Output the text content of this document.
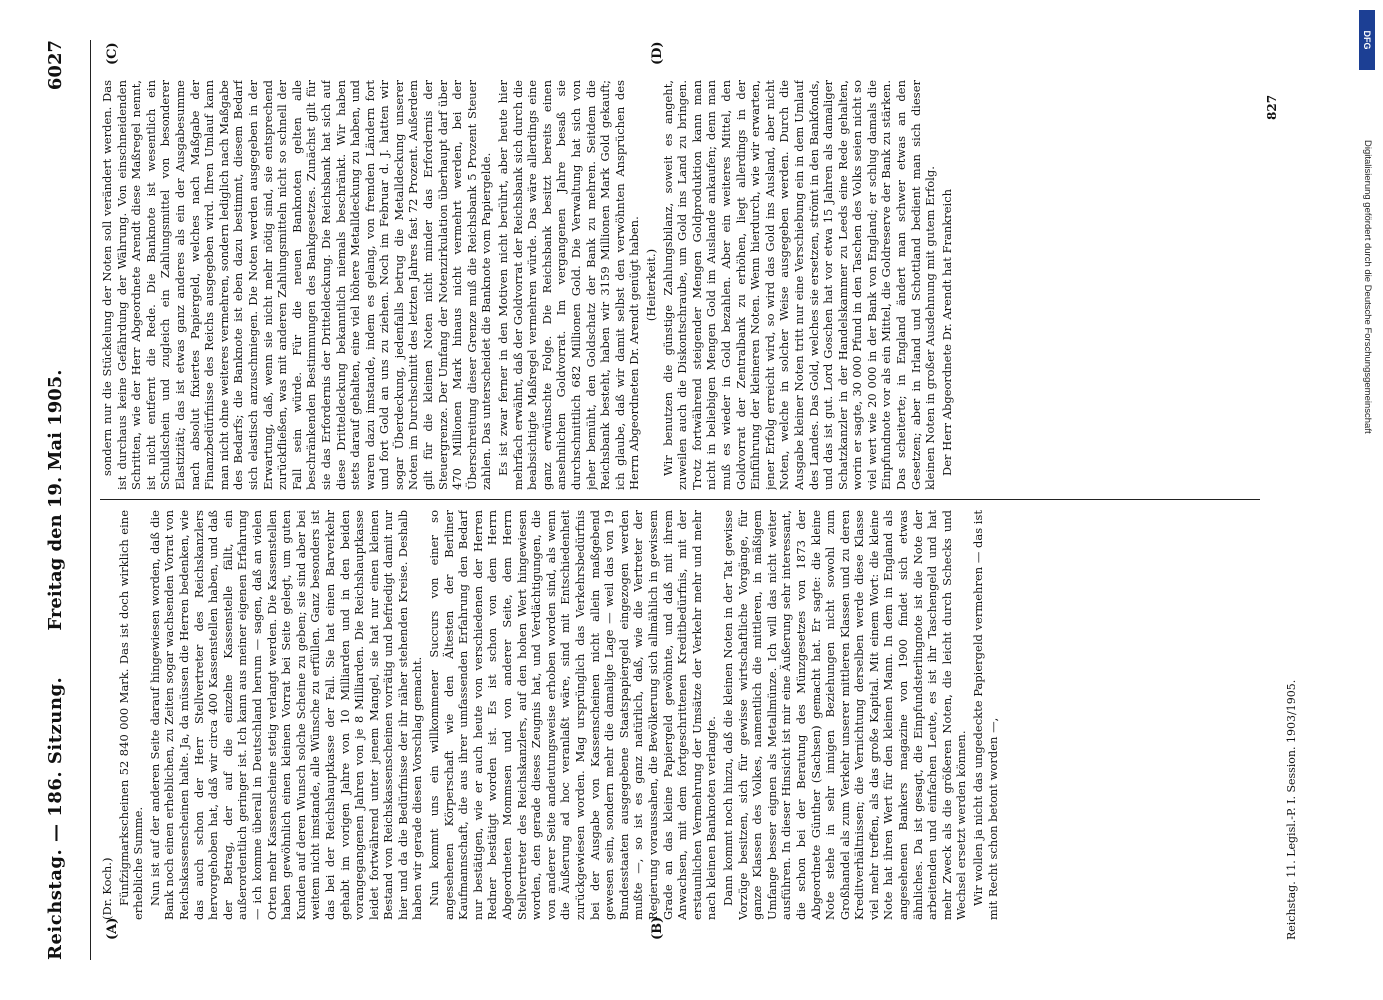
Reichstag. — 186. Sitzung.
Freitag den 19. Mai 1905.
6027
(A)	(B)
(C)	(D)

(Dr. Koch.) Fünfzigmarkscheinen 52 840 000 Mark. Das ist doch wirklich eine erhebliche Summe. Nun ist auf der anderen Seite darauf hingewiesen worden, daß die Bank noch einen erheblichen, zu Zeiten sogar wachsenden Vorrat von Reichskassenscheinen halte. Ja, da müssen die Herren bedenken, wie das auch schon der Herr Stellvertreter des Reichskanzlers hervorgehoben hat, daß wir circa 400 Kassenstellen haben, und daß der Betrag, der auf die einzelne Kassenstelle fällt, ein außerordentlich geringer ist. Ich kann aus meiner eigenen Erfahrung — ich komme überall in Deutschland herum — sagen, daß an vielen Orten mehr Kassenscheine stetig verlangt werden. Die Kassenstellen haben gewöhnlich einen kleinen Vorrat bei Seite gelegt, um guten Kunden auf deren Wunsch solche Scheine zu geben; sie sind aber bei weitem nicht imstande, alle Wünsche zu erfüllen. Ganz besonders ist das bei der Reichshauptkasse der Fall. Sie hat einen Barverkehr gehabt im vorigen Jahre von 10 Milliarden und in den beiden vorangegangenen Jahren von je 8 Milliarden. Die Reichshauptkasse leidet fortwährend unter jenem Mangel, sie hat nur einen kleinen Bestand von Reichskassenscheinen vorrätig und befriedigt damit nur hier und da die Bedürfnisse der ihr näher stehenden Kreise. Deshalb haben wir gerade diesen Vorschlag gemacht. Nun kommt uns ein willkommener Succurs von einer so angesehenen Körperschaft wie den Ältesten der Berliner Kaufmannschaft, die aus ihrer umfassenden Erfahrung den Bedarf nur bestätigen, wie er auch heute von verschiedenen der Herren Redner bestätigt worden ist. Es ist schon von dem Herrn Abgeordneten Mommsen und von anderer Seite, dem Herrn Stellvertreter des Reichskanzlers, auf den hohen Wert hingewiesen worden, den gerade dieses Zeugnis hat, und Verdächtigungen, die von anderer Seite andeutungsweise erhoben worden sind, als wenn die Äußerung ad hoc veranlaßt wäre, sind mit Entschiedenheit zurückgewiesen worden. Mag ursprünglich das Verkehrsbedürfnis bei der Ausgabe von Kassenscheinen nicht allein maßgebend gewesen sein, sondern mehr die damalige Lage — weil das von 19 Bundesstaaten ausgegebene Staatspapiergeld eingezogen werden mußte —, so ist es ganz natürlich, daß, wie die Vertreter der Regierung voraussahen, die Bevölkerung sich allmählich in gewissem Grade an das kleine Papiergeld gewöhnte, und daß mit ihrem Anwachsen, mit dem fortgeschrittenen Kreditbedürfnis, mit der erstaunlichen Vermehrung der Umsätze der Verkehr mehr und mehr nach kleinen Banknoten verlangte. Dann kommt noch hinzu, daß die kleinen Noten in der Tat gewisse Vorzüge besitzen, sich für gewisse wirtschaftliche Vorgänge, für ganze Klassen des Volkes, namentlich die mittleren, in mäßigem Umfange besser eignen als Metallmünze. Ich will das nicht weiter ausführen. In dieser Hinsicht ist mir eine Äußerung sehr interessant, die schon bei der Beratung des Münzgesetzes von 1873 der Abgeordnete Günther (Sachsen) gemacht hat. Er sagte: die kleine Note stehe in sehr innigen Beziehungen nicht sowohl zum Großhandel als zum Verkehr unserer mittleren Klassen und zu deren Kreditverhältnissen; die Vernichtung derselben werde diese Klasse viel mehr treffen, als das große Kapital. Mit einem Wort: die kleine Note hat ihren Wert für den kleinen Mann. In dem in England als angesehenen Bankers magazine von 1900 findet sich etwas ähnliches. Da ist gesagt, die Einpfundsterlingnote ist die Note der arbeitenden und einfachen Leute, es ist ihr Taschengeld und hat mehr Zweck als die größeren Noten, die leicht durch Schecks und Wechsel ersetzt werden können. Wir wollen ja nicht das ungedeckte Papiergeld vermehren — das ist mit Recht schon betont worden —,

sondern nur die Stückelung der Noten soll verändert werden. Das ist durchaus keine Gefährdung der Währung. Von einschneidenden Schritten, wie der Herr Abgeordnete Arendt diese Maßregel nennt, ist nicht entfernt die Rede. Die Banknote ist wesentlich ein Schuldschein und zugleich ein Zahlungsmittel von besonderer Elastizität; das ist etwas ganz anderes als ein der Ausgabesumme nach absolut fixiertes Papiergeld, welches nach Maßgabe der Finanzbedürfnisse des Reichs ausgegeben wird. Ihren Umlauf kann man nicht ohne weiteres vermehren, sondern lediglich nach Maßgabe des Bedarfs; die Banknote ist eben dazu bestimmt, diesem Bedarf sich elastisch anzuschmiegen. Die Noten werden ausgegeben in der Erwartung, daß, wenn sie nicht mehr nötig sind, sie entsprechend zurückfließen, was mit anderen Zahlungsmitteln nicht so schnell der Fall sein würde. Für die neuen Banknoten gelten alle beschränkenden Bestimmungen des Bankgesetzes. Zunächst gilt für sie das Erfordernis der Dritteldeckung. Die Reichsbank hat sich auf diese Dritteldeckung bekanntlich niemals beschränkt. Wir haben stets darauf gehalten, eine viel höhere Metalldeckung zu haben, und waren dazu imstande, indem es gelang, von fremden Ländern fort und fort Gold an uns zu ziehen. Noch im Februar d. J. hatten wir sogar Überdeckung, jedenfalls betrug die Metalldeckung unserer Noten im Durchschnitt des letzten Jahres fast 72 Prozent. Außerdem gilt für die kleinen Noten nicht minder das Erfordernis der Steuergrenze. Der Umfang der Notenzirkulation überhaupt darf über 470 Millionen Mark hinaus nicht vermehrt werden, bei der Überschreitung dieser Grenze muß die Reichsbank 5 Prozent Steuer zahlen. Das unterscheidet die Banknote vom Papiergelde. Es ist zwar ferner in den Motiven nicht berührt, aber heute hier mehrfach erwähnt, daß der Goldvorrat der Reichsbank sich durch die beabsichtigte Maßregel vermehren würde. Das wäre allerdings eine ganz erwünschte Folge. Die Reichsbank besitzt bereits einen ansehnlichen Goldvorrat. Im vergangenen Jahre besaß sie durchschnittlich 682 Millionen Gold. Die Verwaltung hat sich von jeher bemüht, den Goldschatz der Bank zu mehren. Seitdem die Reichsbank besteht, haben wir 3159 Millionen Mark Gold gekauft; ich glaube, daß wir damit selbst den verwöhnten Ansprüchen des Herrn Abgeordneten Dr. Arendt genügt haben. (Heiterkeit.) Wir benutzen die günstige Zahlungsbilanz, soweit es angeht, zuweilen auch die Diskontschraube, um Gold ins Land zu bringen. Trotz fortwährend steigender Mengen Goldproduktion kann man nicht in beliebigen Mengen Gold im Auslande ankaufen; denn man muß es wieder in Gold bezahlen. Aber ein weiteres Mittel, den Goldvorrat der Zentralbank zu erhöhen, liegt allerdings in der Einführung der kleineren Noten. Wenn hierdurch, wie wir erwarten, jener Erfolg erreicht wird, so wird das Gold ins Ausland, aber nicht Noten, welche in solcher Weise ausgegeben werden. Durch die Ausgabe kleiner Noten tritt nur eine Verschiebung ein in dem Umlauf des Landes. Das Gold, welches sie ersetzen, strömt in den Bankfonds, und das ist gut. Lord Goschen hat vor etwa 15 Jahren als damaliger Schatzkanzler in der Handelskammer zu Leeds eine Rede gehalten, worin er sagte, 30 000 Pfund in den Taschen des Volks seien nicht so viel wert wie 20 000 in der Bank von England; er schlug damals die Einpfundnote vor als ein Mittel, die Goldreserve der Bank zu stärken. Das scheiterte; in England ändert man schwer etwas an den Gesetzen; aber in Irland und Schottland bedient man sich dieser kleinen Noten in großer Ausdehnung mit gutem Erfolg. Der Herr Abgeordnete Dr. Arendt hat Frankreich

Reichstag. 11. Legisl.-P. I. Session. 1903/1905.
827
DFG
Digitalisierung gefördert durch die Deutsche Forschungsgemeinschaft
